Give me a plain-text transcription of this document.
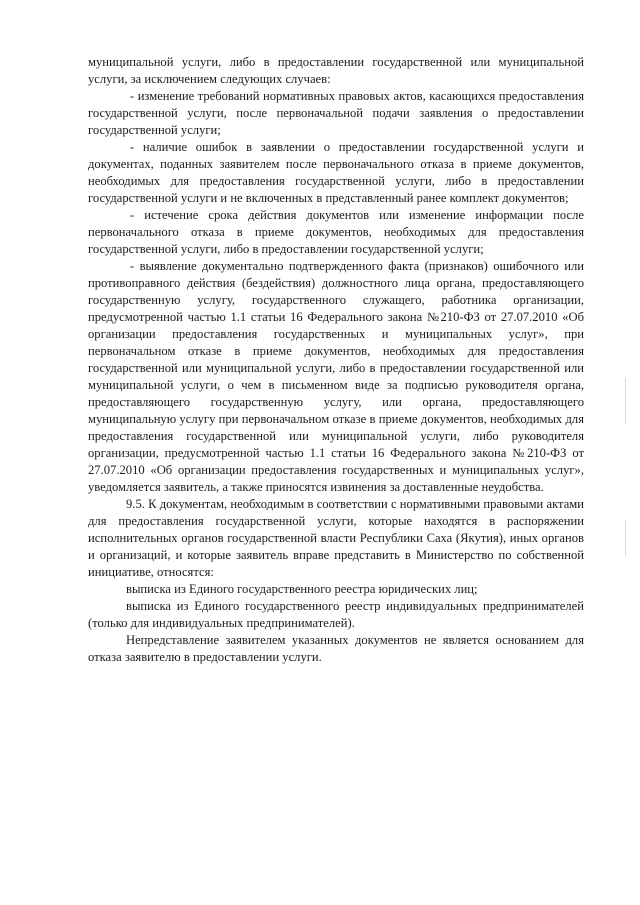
муниципальной услуги, либо в предоставлении государственной или муниципальной услуги, за исключением следующих случаев:

- изменение требований нормативных правовых актов, касающихся предоставления государственной услуги, после первоначальной подачи заявления о предоставлении государственной услуги;

- наличие ошибок в заявлении о предоставлении государственной услуги и документах, поданных заявителем после первоначального отказа в приеме документов, необходимых для предоставления государственной услуги, либо в предоставлении государственной услуги и не включенных в представленный ранее комплект документов;

- истечение срока действия документов или изменение информации после первоначального отказа в приеме документов, необходимых для предоставления государственной услуги, либо в предоставлении государственной услуги;

- выявление документально подтвержденного факта (признаков) ошибочного или противоправного действия (бездействия) должностного лица органа, предоставляющего государственную услугу, государственного служащего, работника организации, предусмотренной частью 1.1 статьи 16 Федерального закона №210-ФЗ от 27.07.2010 «Об организации предоставления государственных и муниципальных услуг», при первоначальном отказе в приеме документов, необходимых для предоставления государственной или муниципальной услуги, либо в предоставлении государственной или муниципальной услуги, о чем в письменном виде за подписью руководителя органа, предоставляющего государственную услугу, или органа, предоставляющего муниципальную услугу при первоначальном отказе в приеме документов, необходимых для предоставления государственной или муниципальной услуги, либо руководителя организации, предусмотренной частью 1.1 статьи 16 Федерального закона №210-ФЗ от 27.07.2010 «Об организации предоставления государственных и муниципальных услуг», уведомляется заявитель, а также приносятся извинения за доставленные неудобства.

9.5. К документам, необходимым в соответствии с нормативными правовыми актами для предоставления государственной услуги, которые находятся в распоряжении исполнительных органов государственной власти Республики Саха (Якутия), иных органов и организаций, и которые заявитель вправе представить в Министерство по собственной инициативе, относятся:

выписка из Единого государственного реестра юридических лиц;

выписка из Единого государственного реестр индивидуальных предпринимателей (только для индивидуальных предпринимателей).

Непредставление заявителем указанных документов не является основанием для отказа заявителю в предоставлении услуги.
